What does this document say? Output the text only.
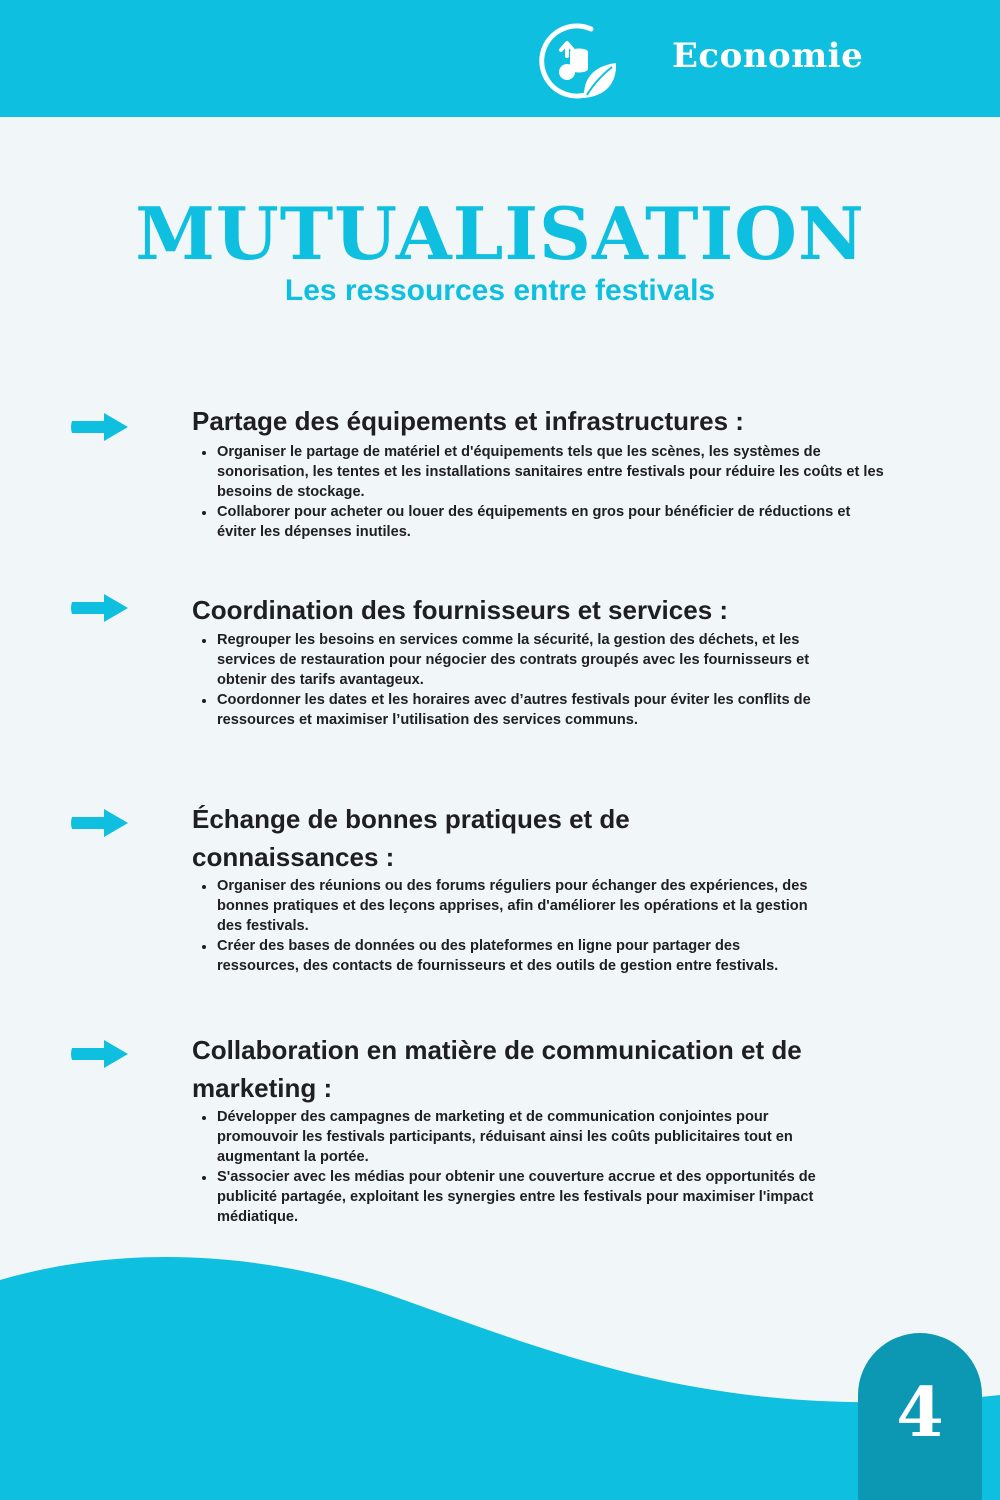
Economie
MUTUALISATION
Les ressources entre festivals
Partage des équipements et infrastructures :
Organiser le partage de matériel et d'équipements tels que les scènes, les systèmes de sonorisation, les tentes et les installations sanitaires entre festivals pour réduire les coûts et les besoins de stockage.
Collaborer pour acheter ou louer des équipements en gros pour bénéficier de réductions et éviter les dépenses inutiles.
Coordination des fournisseurs et services :
Regrouper les besoins en services comme la sécurité, la gestion des déchets, et les services de restauration pour négocier des contrats groupés avec les fournisseurs et obtenir des tarifs avantageux.
Coordonner les dates et les horaires avec d’autres festivals pour éviter les conflits de ressources et maximiser l’utilisation des services communs.
Échange de bonnes pratiques et de connaissances :
Organiser des réunions ou des forums réguliers pour échanger des expériences, des bonnes pratiques et des leçons apprises, afin d'améliorer les opérations et la gestion des festivals.
Créer des bases de données ou des plateformes en ligne pour partager des ressources, des contacts de fournisseurs et des outils de gestion entre festivals.
Collaboration en matière de communication et de marketing :
Développer des campagnes de marketing et de communication conjointes pour promouvoir les festivals participants, réduisant ainsi les coûts publicitaires tout en augmentant la portée.
S'associer avec les médias pour obtenir une couverture accrue et des opportunités de publicité partagée, exploitant les synergies entre les festivals pour maximiser l'impact médiatique.
4
